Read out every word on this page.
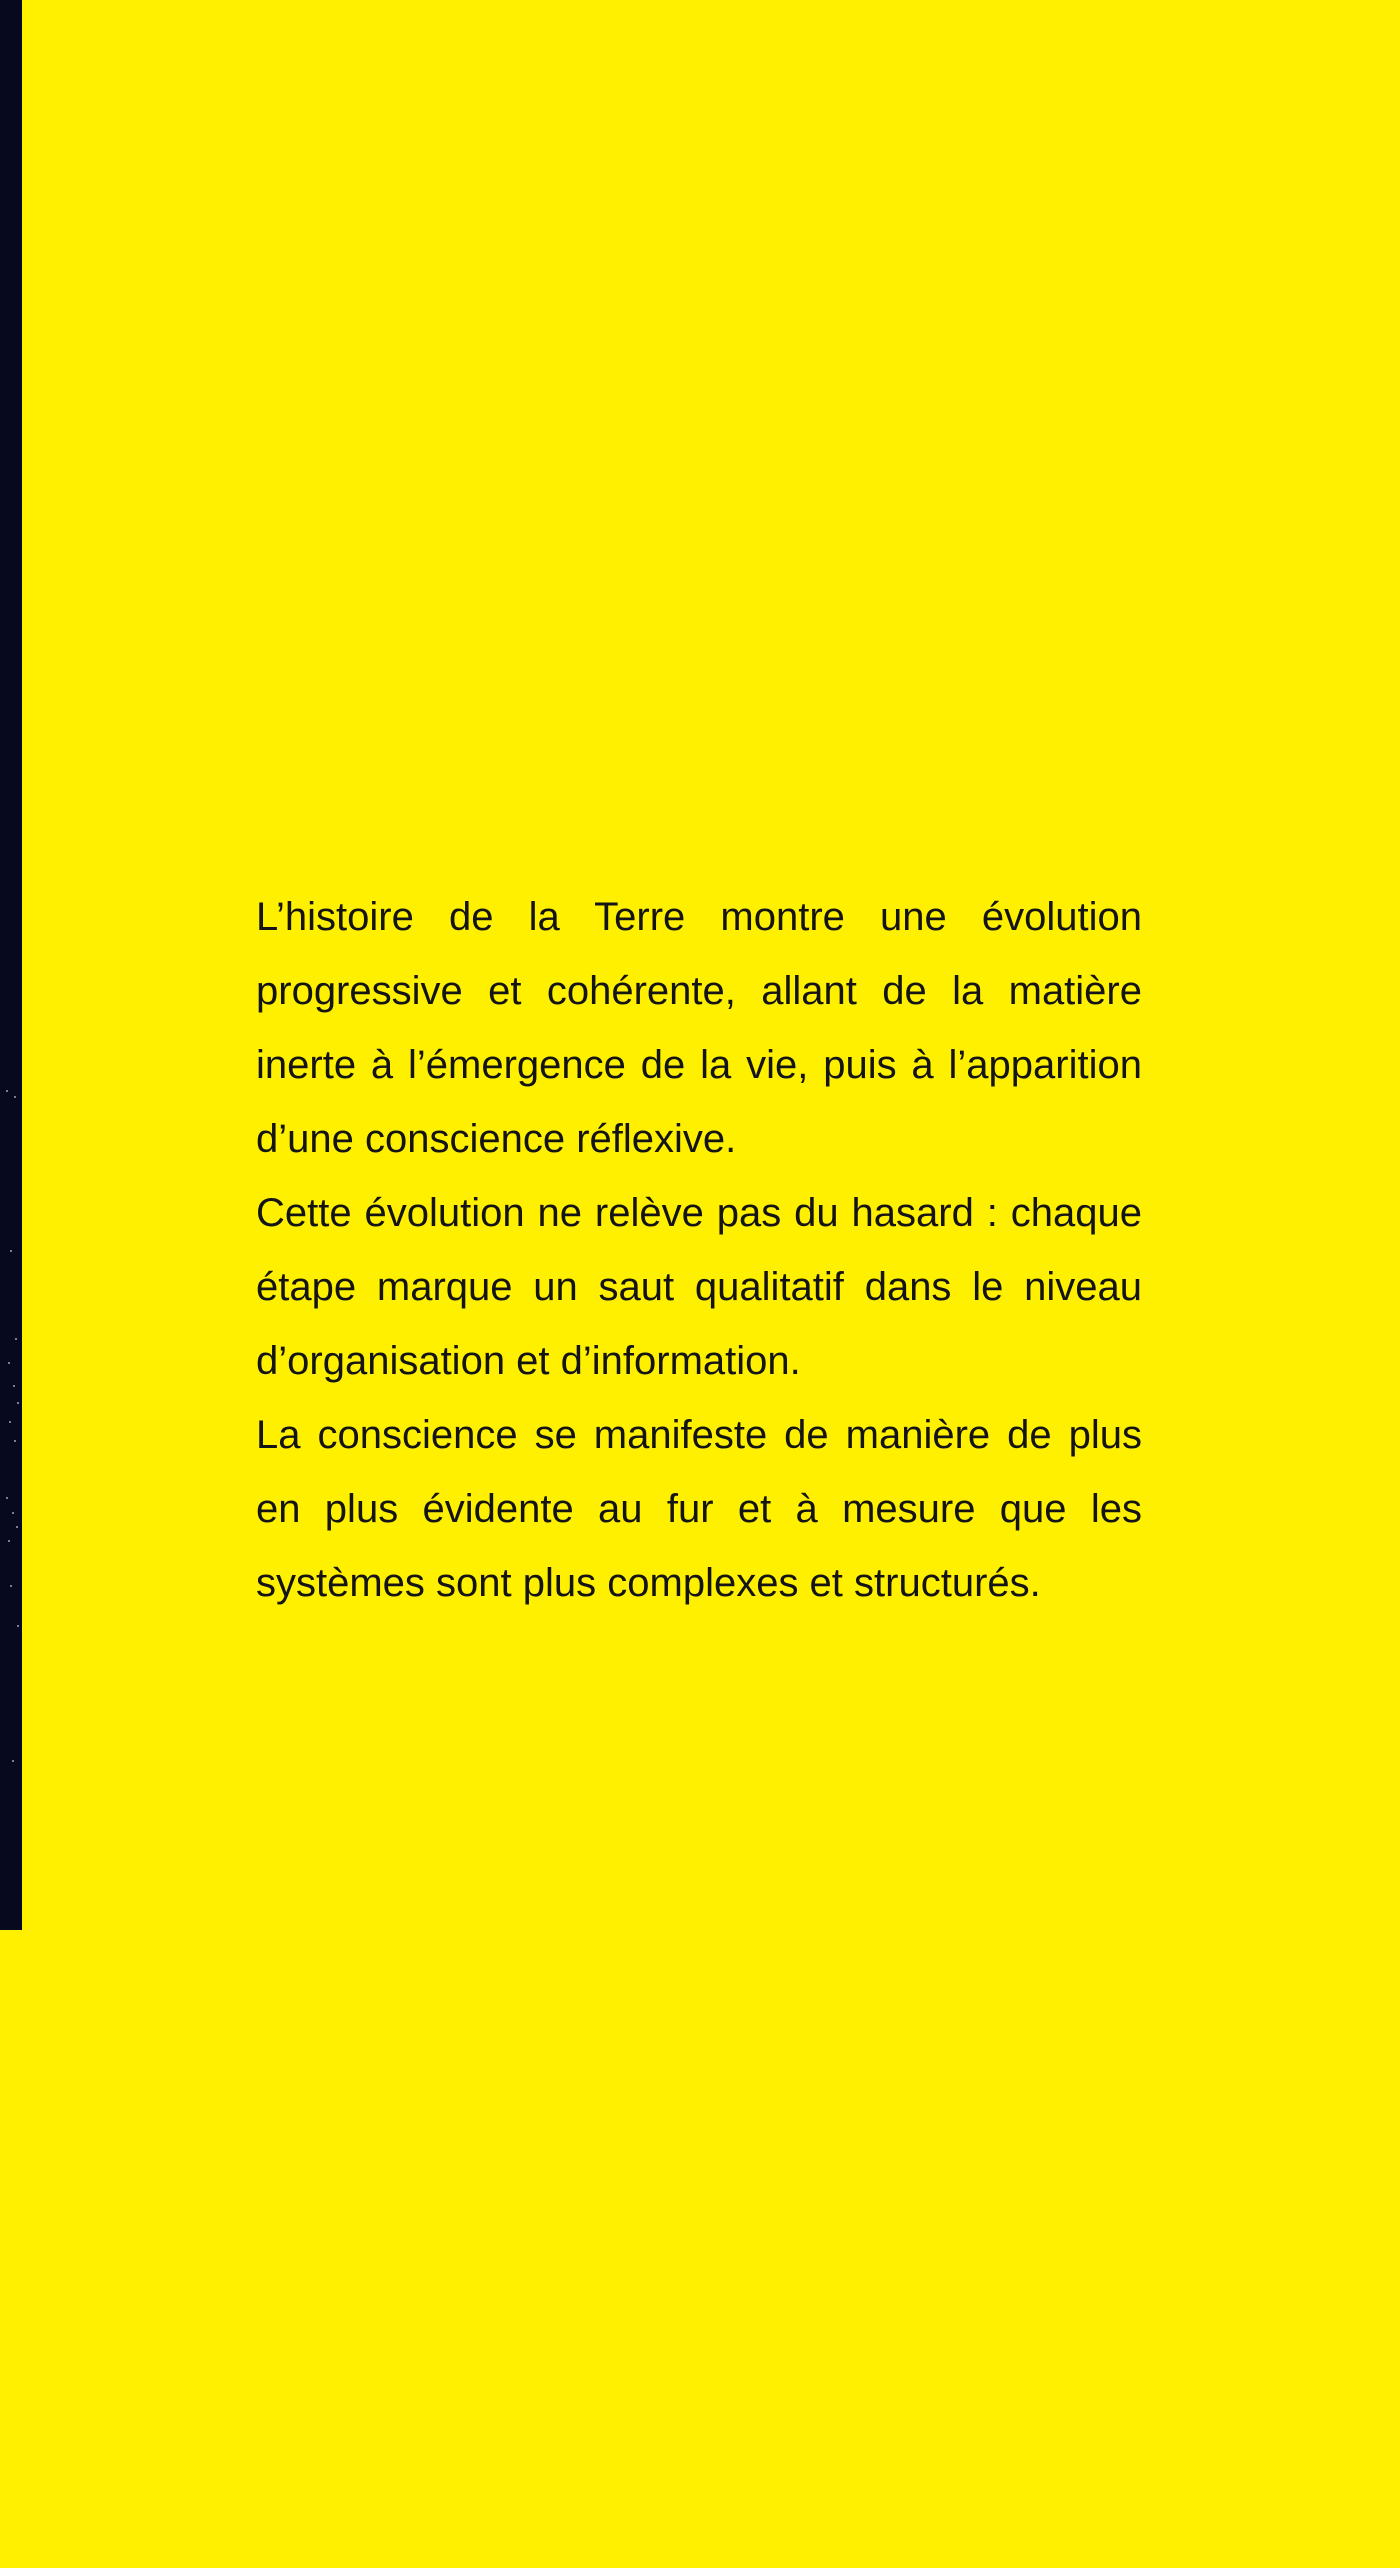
L’histoire de la Terre montre une évolution progressive et cohérente, allant de la matière inerte à l’émergence de la vie, puis à l’apparition d’une conscience réflexive.

Cette évolution ne relève pas du hasard : chaque étape marque un saut qualitatif dans le niveau d’organisation et d’information.

La conscience se manifeste de manière de plus en plus évidente au fur et à mesure que les systèmes sont plus complexes et structurés.
